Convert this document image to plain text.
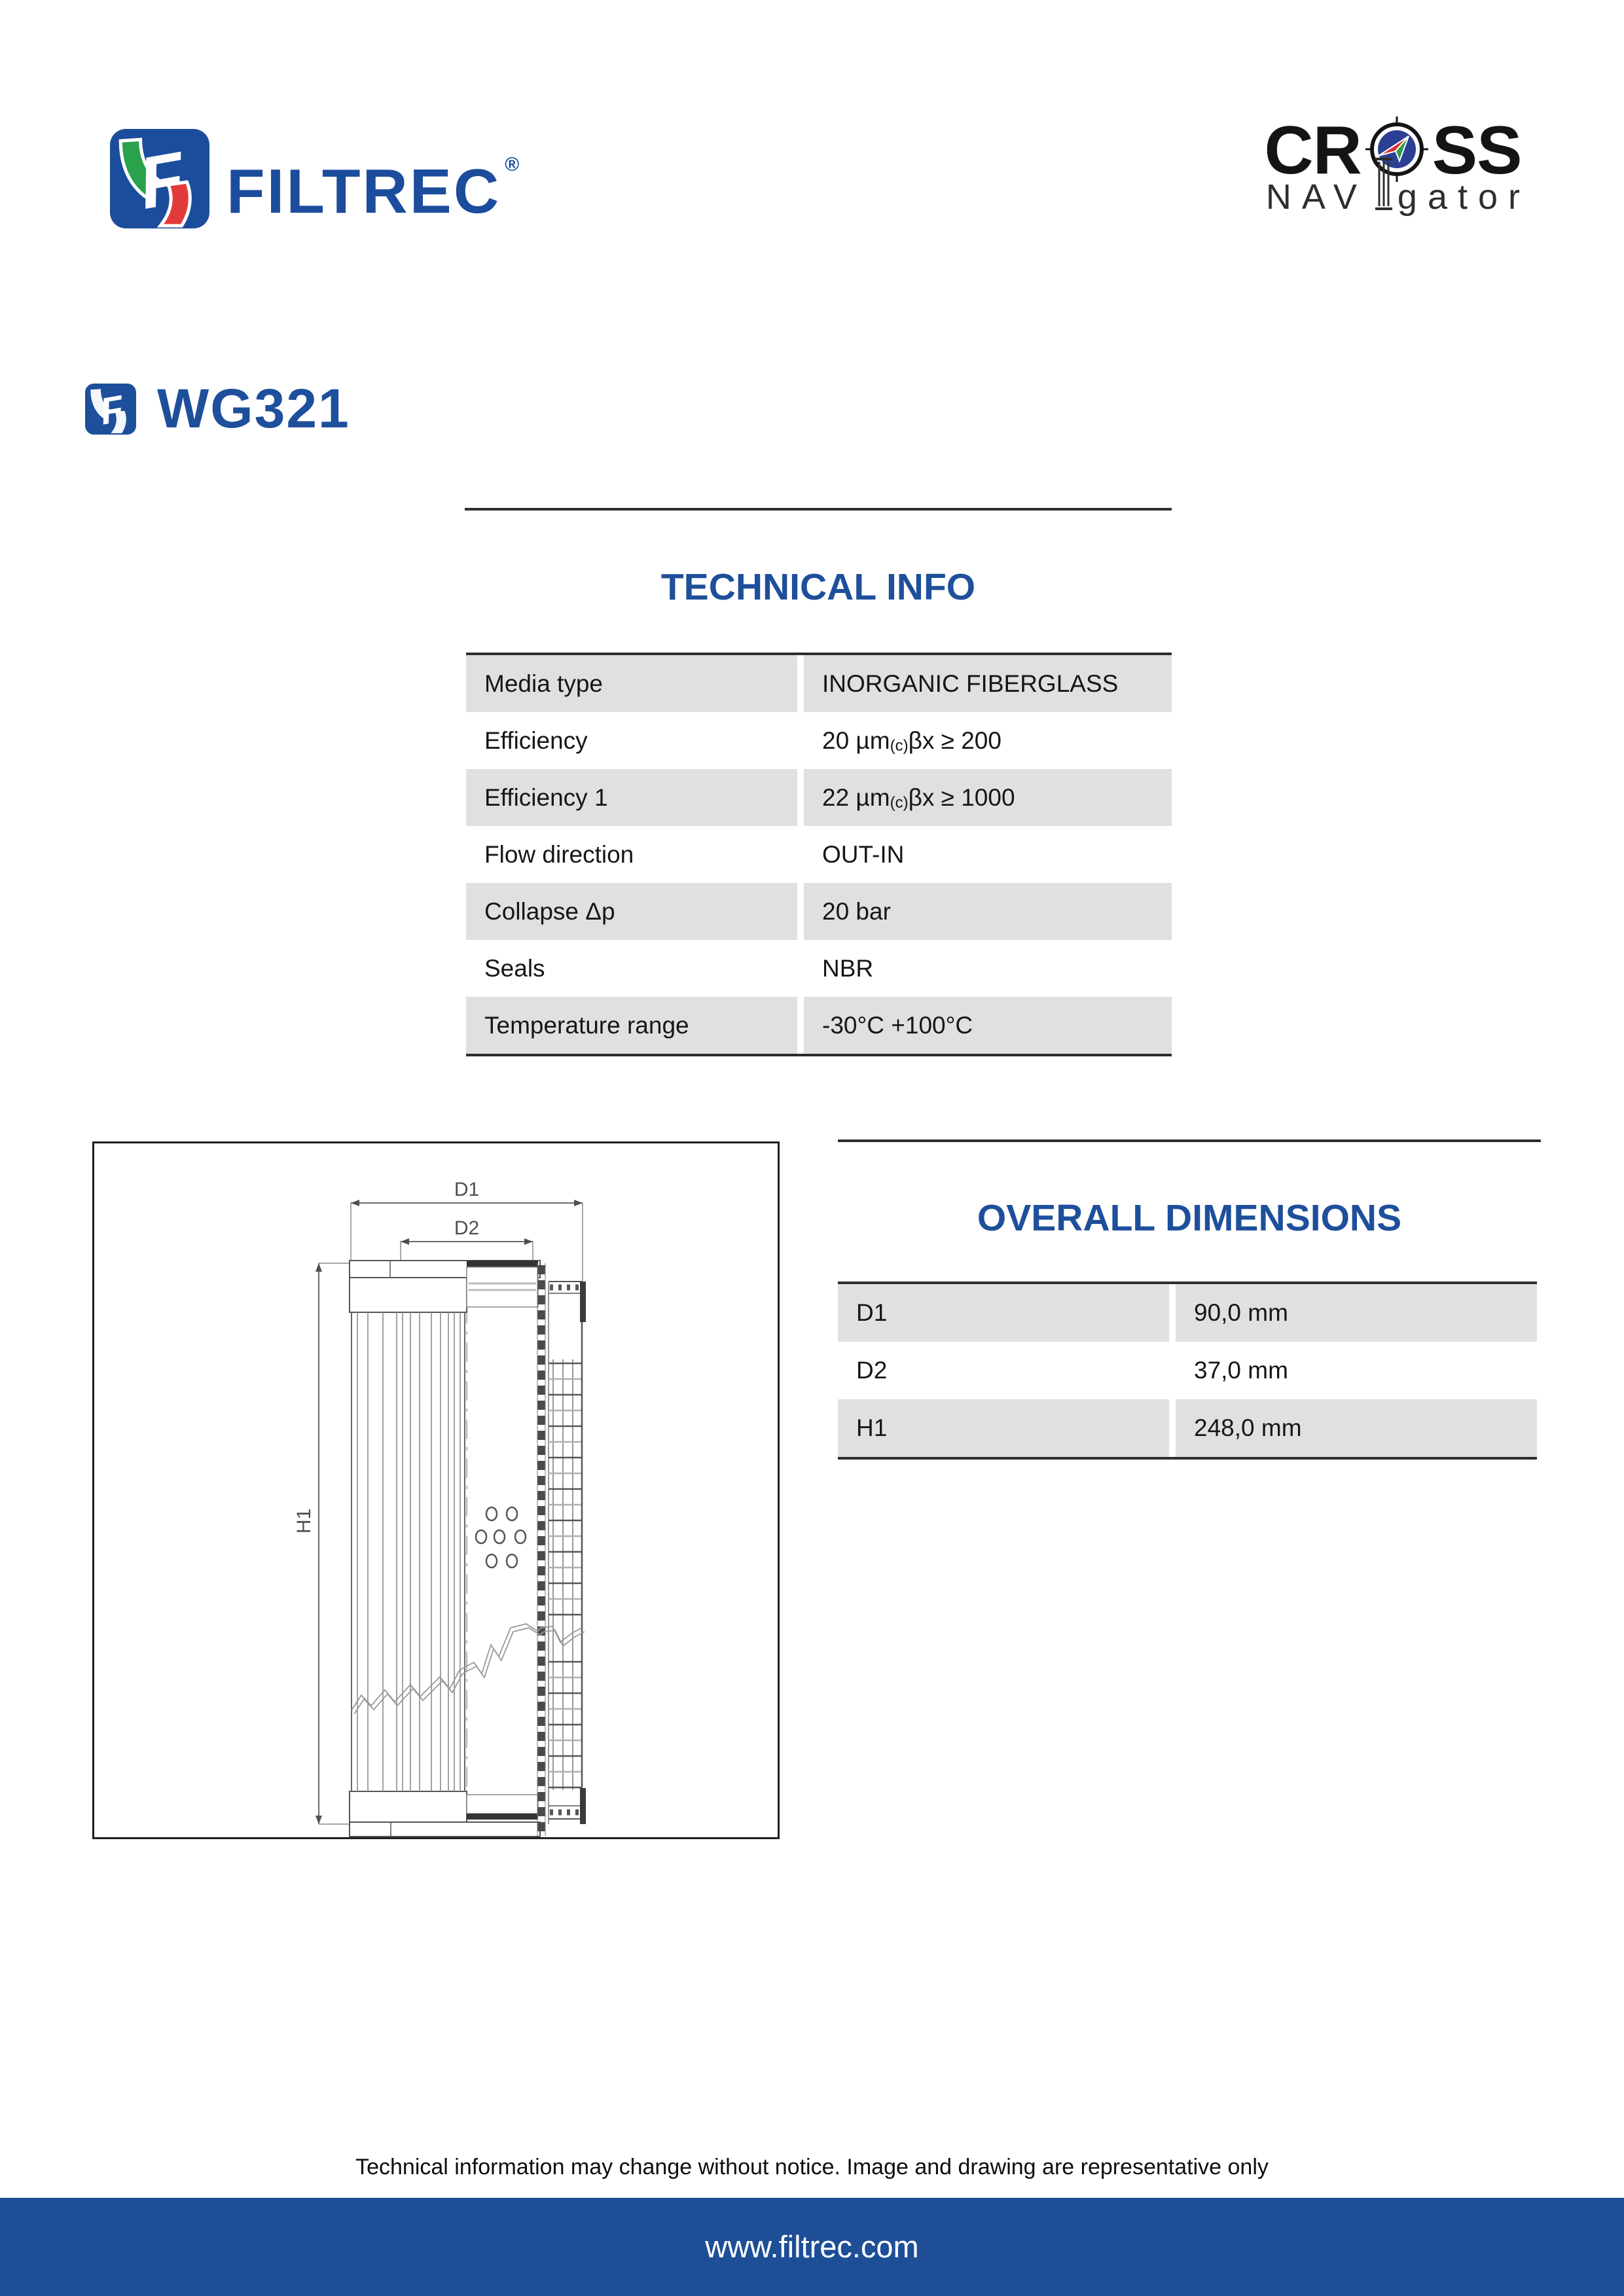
F FILTREC ®	CR SS
NAV gator
F WG321
TECHNICAL INFO
Media type	INORGANIC FIBERGLASS
Efficiency	20 µm (c) βx ≥ 200
Efficiency 1	22 µm (c) βx ≥ 1000
Flow direction	OUT-IN
Collapse Δp	20 bar
Seals	NBR
Temperature range	-30°C +100°C
D1
D2
H1
OVERALL DIMENSIONS
D1	90,0 mm
D2	37,0 mm
H1	248,0 mm
Technical information may change without notice. Image and drawing are representative only
www.filtrec.com
